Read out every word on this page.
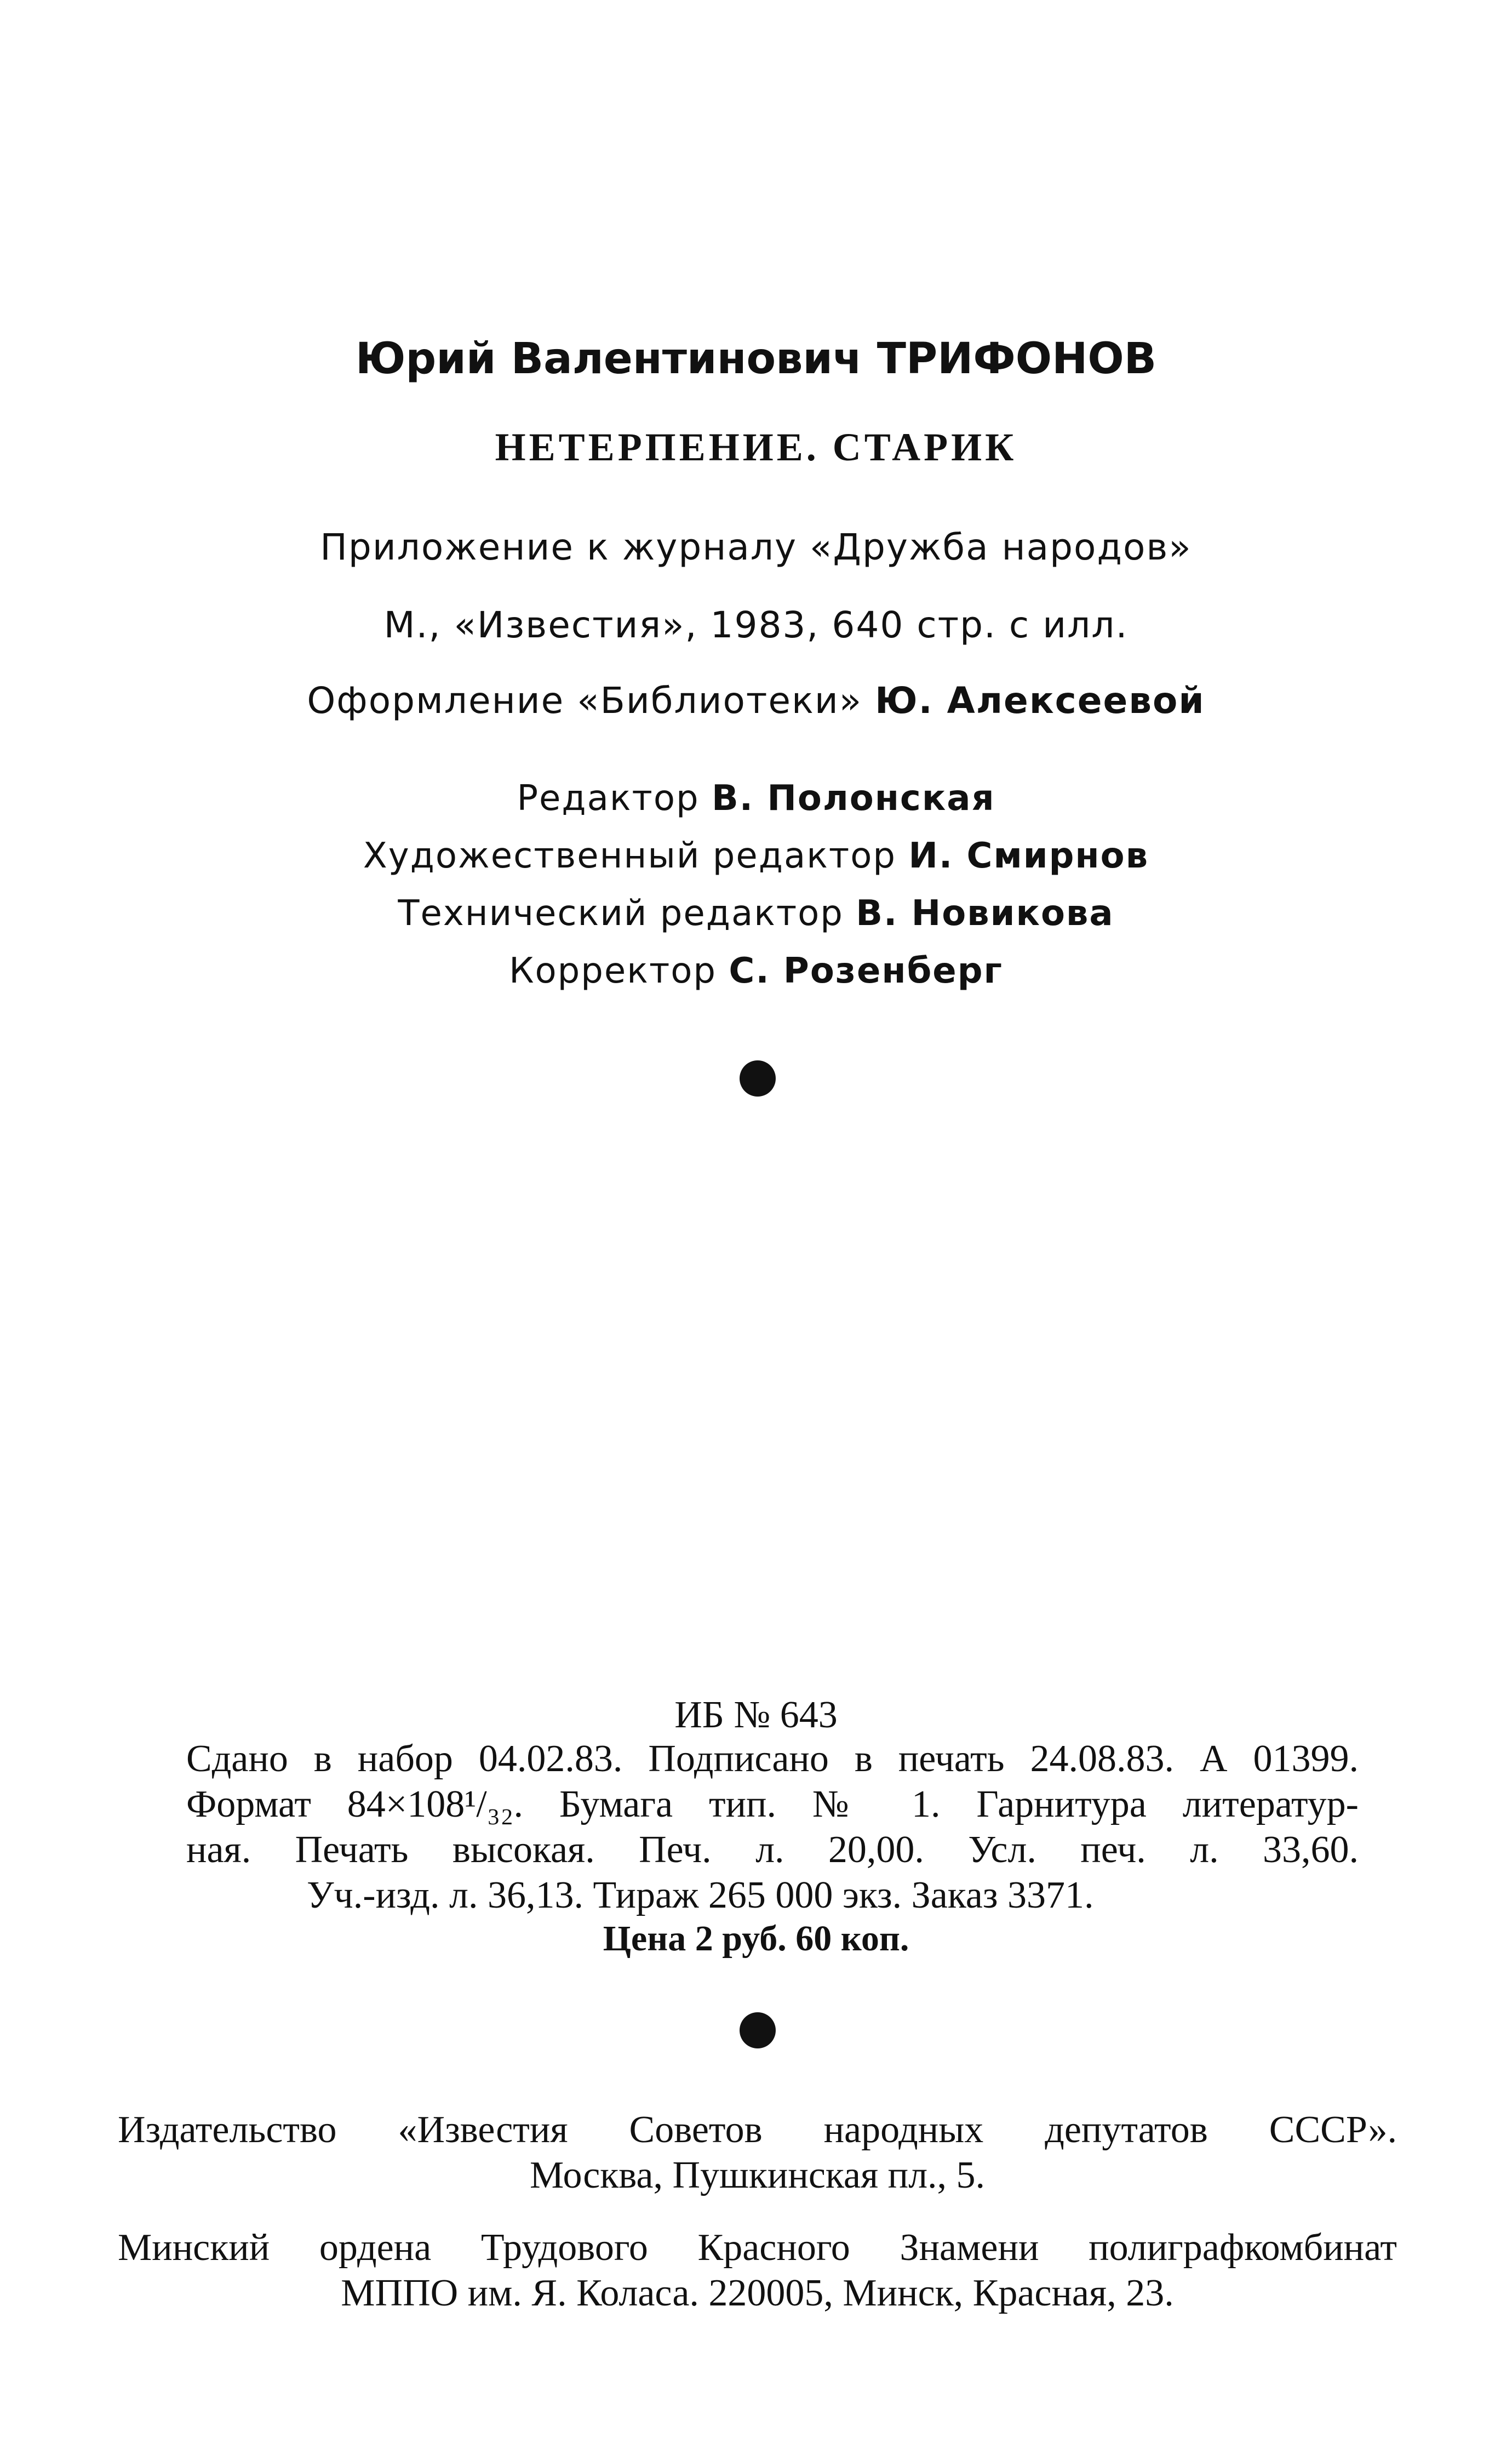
Юрий Валентинович ТРИФОНОВ
НЕТЕРПЕНИЕ. СТАРИК
Приложение к журналу «Дружба народов»
М., «Известия», 1983, 640 стр. с илл.
Оформление «Библиотеки» Ю. Алексеевой
Редактор В. Полонская
Художественный редактор И. Смирнов
Технический редактор В. Новикова
Корректор С. Розенберг
ИБ № 643
Сдано в набор 04.02.83. Подписано в печать 24.08.83. А 01399.
Формат 84×108¹/₃₂. Бумага тип. № 1. Гарнитура литератур-
ная. Печать высокая. Печ. л. 20,00. Усл. печ. л. 33,60.
Уч.-изд. л. 36,13. Тираж 265 000 экз. Заказ 3371.
Цена 2 руб. 60 коп.
Издательство «Известия Советов народных депутатов СССР».
Москва, Пушкинская пл., 5.
Минский ордена Трудового Красного Знамени полиграфкомбинат
МППО им. Я. Коласа. 220005, Минск, Красная, 23.
